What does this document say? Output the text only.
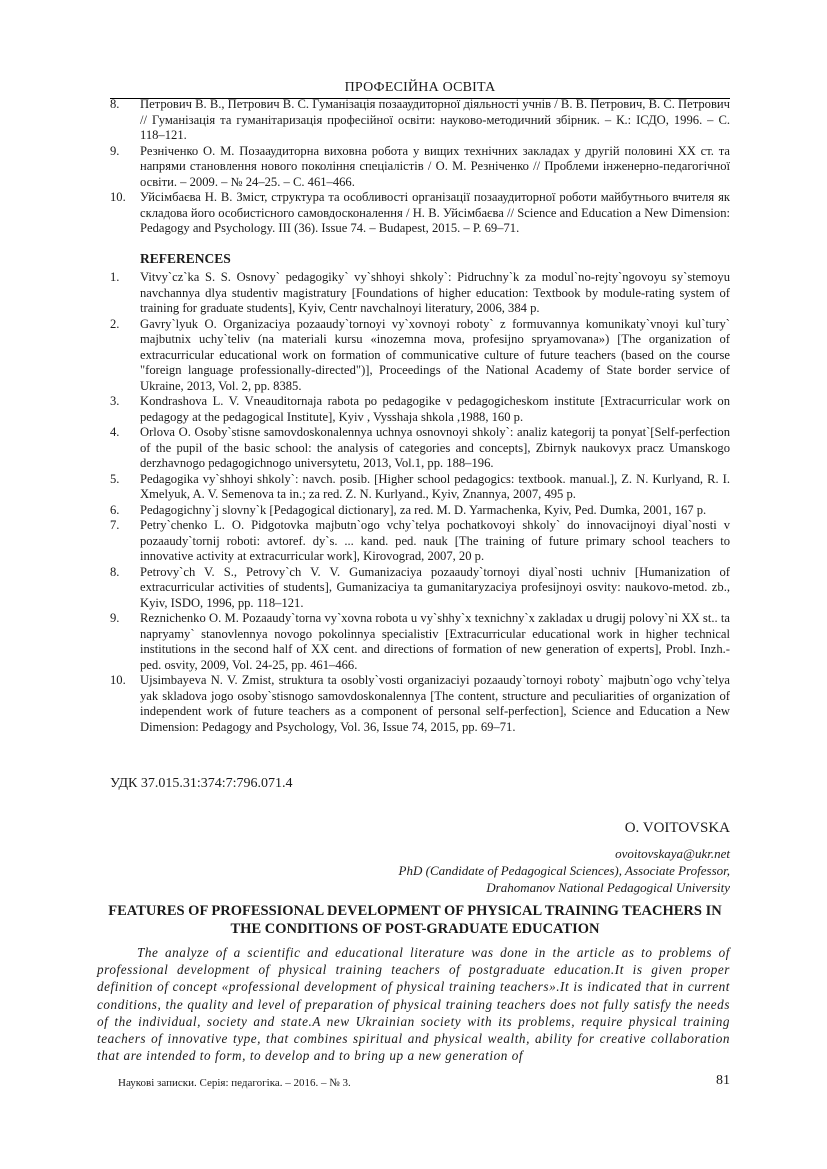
ПРОФЕСІЙНА ОСВІТА
8. Петрович В. В., Петрович В. С. Гуманізація позааудиторної діяльності учнів / В. В. Петрович, В. С. Петрович // Гуманізація та гуманітаризація професійної освіти: науково-методичний збірник. – К.: ІСДО, 1996. – С. 118–121.
9. Резніченко О. М. Позааудиторна виховна робота у вищих технічних закладах у другій половині XX ст. та напрями становлення нового покоління спеціалістів / О. М. Резніченко // Проблеми інженерно-педагогічної освіти. – 2009. – № 24–25. – С. 461–466.
10. Уйсімбаєва Н. В. Зміст, структура та особливості організації позааудиторної роботи майбутнього вчителя як складова його особистісного самовдосконалення / Н. В. Уйсімбаєва // Science and Education a New Dimension: Pedagogy and Psychology. III (36). Issue 74. – Budapest, 2015. – Р. 69–71.
REFERENCES
1. Vitvy`cz`ka S. S. Osnovy` pedagogiky` vy`shhoyi shkoly`: Pidruchny`k za modul`no-rejty`ngovoyu sy`stemoyu navchannya dlya studentiv magistratury [Foundations of higher education: Textbook by module-rating system of training for graduate students], Kyiv, Centr navchalnoyi literatury, 2006, 384 p.
2. Gavry`lyuk O. Organizaciya pozaaudy`tornoyi vy`xovnoyi roboty` z formuvannya komunikaty`vnoyi kul`tury` majbutnix uchy`teliv (na materiali kursu «inozemna mova, profesijno spryamovana») [The organization of extracurricular educational work on formation of communicative culture of future teachers (based on the course "foreign language professionally-directed")], Proceedings of the National Academy of State border service of Ukraine, 2013, Vol. 2, pp. 8385.
3. Kondrashova L. V. Vneauditornaja rabota po pedagogike v pedagogicheskom institute [Extracurricular work on pedagogy at the pedagogical Institute], Kyiv , Vysshaja shkola ,1988, 160 p.
4. Orlova O. Osoby`stisne samovdoskonalennya uchnya osnovnoyi shkoly`: analiz kategorij ta ponyat`[Self-perfection of the pupil of the basic school: the analysis of categories and concepts], Zbirnyk naukovyx pracz Umanskogo derzhavnogo pedagogichnogo universytetu, 2013, Vol.1, pp. 188–196.
5. Pedagogika vy`shhoyi shkoly`: navch. posib. [Higher school pedagogics: textbook. manual.], Z. N. Kurlyand, R. I. Xmelyuk, A. V. Semenova ta in.; za red. Z. N. Kurlyand., Kyiv, Znannya, 2007, 495 p.
6. Pedagogichny`j slovny`k [Pedagogical dictionary], za red. M. D. Yarmachenka, Kyiv, Ped. Dumka, 2001, 167 p.
7. Petry`chenko L. O. Pidgotovka majbutn`ogo vchy`telya pochatkovoyi shkoly` do innovacijnoyi diyal`nosti v pozaaudy`tornij roboti: avtoref. dy`s. ... kand. ped. nauk [The training of future primary school teachers to innovative activity at extracurricular work], Kirovograd, 2007, 20 p.
8. Petrovy`ch V. S., Petrovy`ch V. V. Gumanizaciya pozaaudy`tornoyi diyal`nosti uchniv [Humanization of extracurricular activities of students], Gumanizaciya ta gumanitaryzaciya profesijnoyi osvity: naukovo-metod. zb., Kyiv, ISDO, 1996, pp. 118–121.
9. Reznichenko O. M. Pozaaudy`torna vy`xovna robota u vy`shhy`x texnichny`x zakladax u drugij polovy`ni XX st.. ta napryamy` stanovlennya novogo pokolinnya specialistiv [Extracurricular educational work in higher technical institutions in the second half of XX cent. and directions of formation of new generation of experts], Probl. Inzh.-ped. osvity, 2009, Vol. 24-25, pp. 461–466.
10. Ujsimbayeva N. V. Zmist, struktura ta osobly`vosti organizaciyi pozaaudy`tornoyi roboty` majbutn`ogo vchy`telya yak skladova jogo osoby`stisnogo samovdoskonalennya [The content, structure and peculiarities of organization of independent work of future teachers as a component of personal self-perfection], Science and Education a New Dimension: Pedagogy and Psychology, Vol. 36, Issue 74, 2015, pp. 69–71.
УДК 37.015.31:374:7:796.071.4
O. VOITOVSKA
ovoitovskaya@ukr.net
PhD (Candidate of Pedagogical Sciences), Associate Professor,
Drahomanov National Pedagogical University
FEATURES OF PROFESSIONAL DEVELOPMENT OF PHYSICAL TRAINING TEACHERS IN THE CONDITIONS OF POST-GRADUATE EDUCATION

The analyze of a scientific and educational literature was done in the article as to problems of professional development of physical training teachers of postgraduate education.It is given proper definition of concept «professional development of physical training teachers».It is indicated that in current conditions, the quality and level of preparation of physical training teachers does not fully satisfy the needs of the individual, society and state.A new Ukrainian society with its problems, require physical training teachers of innovative type, that combines spiritual and physical wealth, ability for creative collaboration that are intended to form, to develop and to bring up a new generation of

Наукові записки. Серія: педагогіка. – 2016. – № 3.	81
